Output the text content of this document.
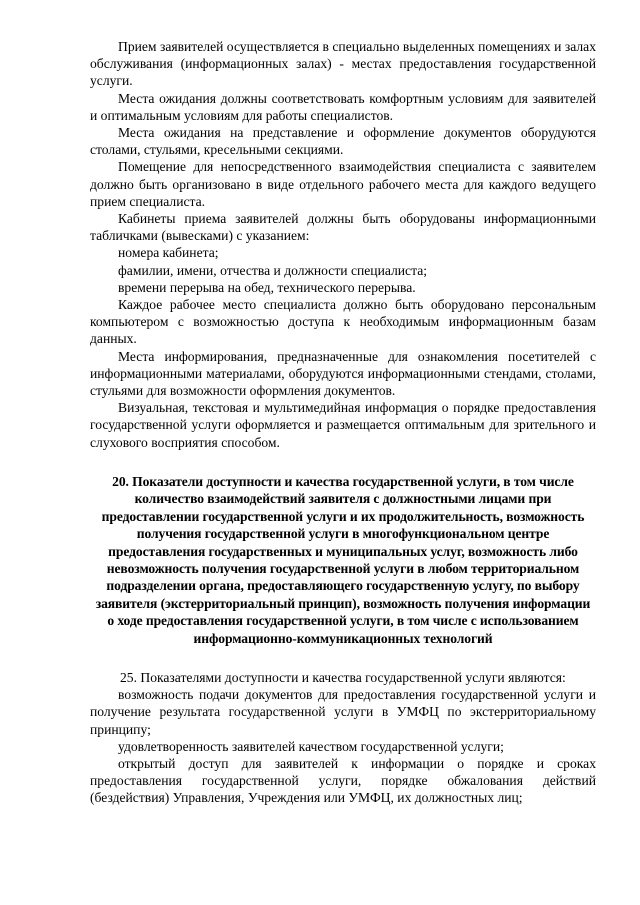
Прием заявителей осуществляется в специально выделенных помещениях и залах обслуживания (информационных залах) - местах предоставления государственной услуги.

Места ожидания должны соответствовать комфортным условиям для заявителей и оптимальным условиям для работы специалистов.

Места ожидания на представление и оформление документов оборудуются столами, стульями, кресельными секциями.

Помещение для непосредственного взаимодействия специалиста с заявителем должно быть организовано в виде отдельного рабочего места для каждого ведущего прием специалиста.

Кабинеты приема заявителей должны быть оборудованы информационными табличками (вывесками) с указанием:

номера кабинета;

фамилии, имени, отчества и должности специалиста;

времени перерыва на обед, технического перерыва.

Каждое рабочее место специалиста должно быть оборудовано персональным компьютером с возможностью доступа к необходимым информационным базам данных.

Места информирования, предназначенные для ознакомления посетителей с информационными материалами, оборудуются информационными стендами, столами, стульями для возможности оформления документов.

Визуальная, текстовая и мультимедийная информация о порядке предоставления государственной услуги оформляется и размещается оптимальным для зрительного и слухового восприятия способом.

20. Показатели доступности и качества государственной услуги, в том числе количество взаимодействий заявителя с должностными лицами при предоставлении государственной услуги и их продолжительность, возможность получения государственной услуги в многофункциональном центре предоставления государственных и муниципальных услуг, возможность либо невозможность получения государственной услуги в любом территориальном подразделении органа, предоставляющего государственную услугу, по выбору заявителя (экстерриториальный принцип), возможность получения информации о ходе предоставления государственной услуги, в том числе с использованием информационно-коммуникационных технологий

25. Показателями доступности и качества государственной услуги являются:

возможность подачи документов для предоставления государственной услуги и получение результата государственной услуги в УМФЦ по экстерриториальному принципу;

удовлетворенность заявителей качеством государственной услуги;

открытый доступ для заявителей к информации о порядке и сроках предоставления государственной услуги, порядке обжалования действий (бездействия) Управления, Учреждения или УМФЦ, их должностных лиц;
